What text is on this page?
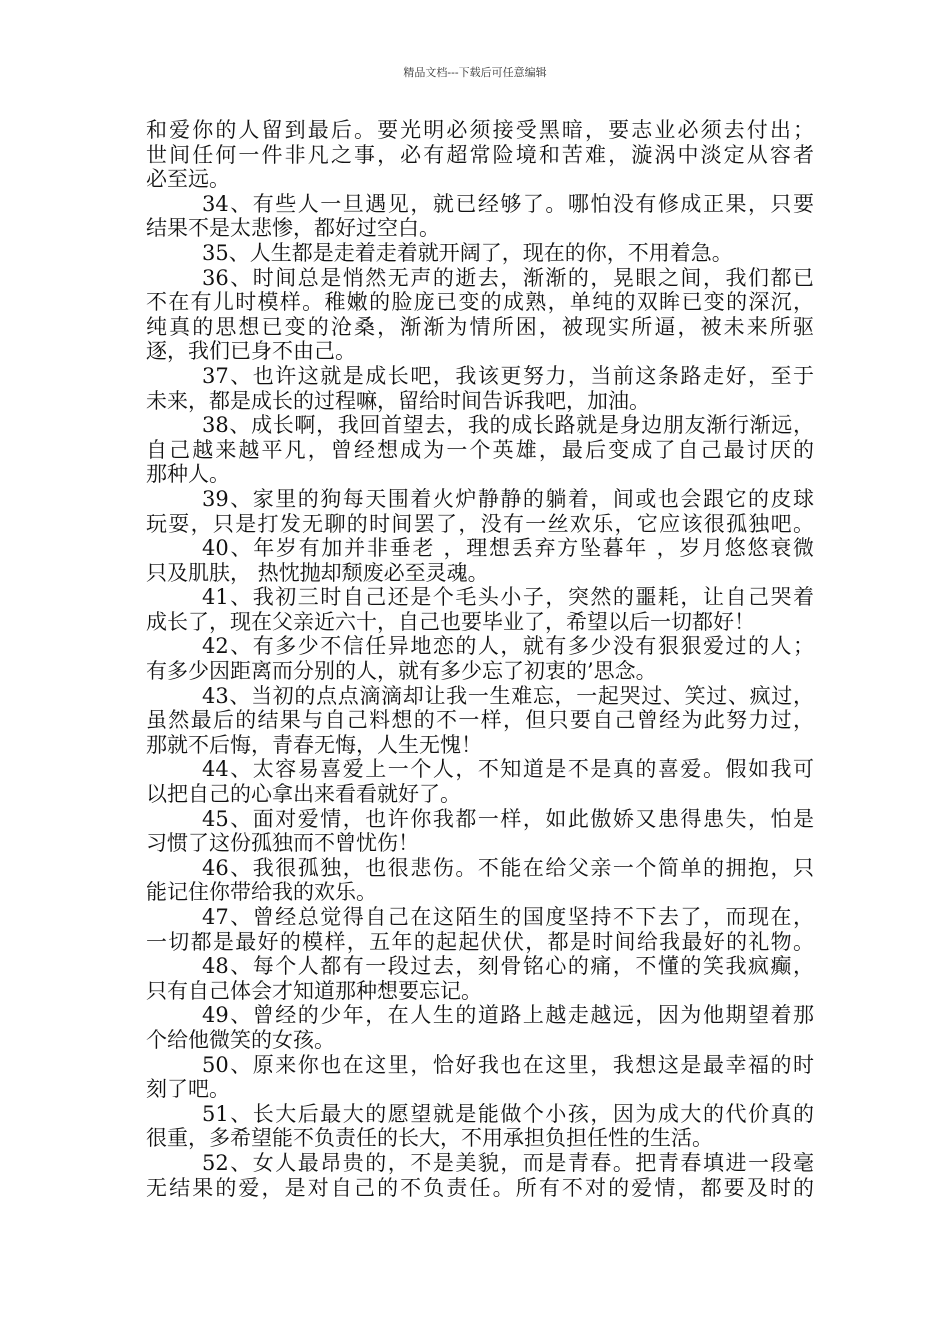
精品文档---下载后可任意编辑
和爱你的人留到最后。要光明必须接受黑暗，要志业必须去付出；
世间任何一件非凡之事，必有超常险境和苦难，漩涡中淡定从容者
必至远。
34、有些人一旦遇见，就已经够了。哪怕没有修成正果，只要
结果不是太悲惨，都好过空白。
35、人生都是走着走着就开阔了，现在的你，不用着急。
36、时间总是悄然无声的逝去，渐渐的，晃眼之间，我们都已
不在有儿时模样。稚嫩的脸庞已变的成熟，单纯的双眸已变的深沉，
纯真的思想已变的沧桑，渐渐为情所困，被现实所逼，被未来所驱
逐，我们已身不由己。
37、也许这就是成长吧，我该更努力，当前这条路走好，至于
未来，都是成长的过程嘛，留给时间告诉我吧，加油。
38、成长啊，我回首望去，我的成长路就是身边朋友渐行渐远，
自己越来越平凡，曾经想成为一个英雄，最后变成了自己最讨厌的
那种人。
39、家里的狗每天围着火炉静静的躺着，间或也会跟它的皮球
玩耍，只是打发无聊的时间罢了，没有一丝欢乐，它应该很孤独吧。
40、年岁有加并非垂老 ，理想丢弃方坠暮年 ，岁月悠悠衰微
只及肌肤， 热忱抛却颓废必至灵魂。
41、我初三时自己还是个毛头小子，突然的噩耗，让自己哭着
成长了，现在父亲近六十，自己也要毕业了，希望以后一切都好！
42、有多少不信任异地恋的人，就有多少没有狠狠爱过的人；
有多少因距离而分别的人，就有多少忘了初衷的’思念。
43、当初的点点滴滴却让我一生难忘，一起哭过、笑过、疯过，
虽然最后的结果与自己料想的不一样，但只要自己曾经为此努力过，
那就不后悔，青春无悔，人生无愧！
44、太容易喜爱上一个人，不知道是不是真的喜爱。假如我可
以把自己的心拿出来看看就好了。
45、面对爱情，也许你我都一样，如此傲娇又患得患失，怕是
习惯了这份孤独而不曾忧伤！
46、我很孤独，也很悲伤。不能在给父亲一个简单的拥抱，只
能记住你带给我的欢乐。
47、曾经总觉得自己在这陌生的国度坚持不下去了，而现在，
一切都是最好的模样，五年的起起伏伏，都是时间给我最好的礼物。
48、每个人都有一段过去，刻骨铭心的痛，不懂的笑我疯癫，
只有自己体会才知道那种想要忘记。
49、曾经的少年，在人生的道路上越走越远，因为他期望着那
个给他微笑的女孩。
50、原来你也在这里，恰好我也在这里，我想这是最幸福的时
刻了吧。
51、长大后最大的愿望就是能做个小孩，因为成大的代价真的
很重，多希望能不负责任的长大，不用承担负担任性的生活。
52、女人最昂贵的，不是美貌，而是青春。把青春填进一段毫
无结果的爱，是对自己的不负责任。所有不对的爱情，都要及时的
